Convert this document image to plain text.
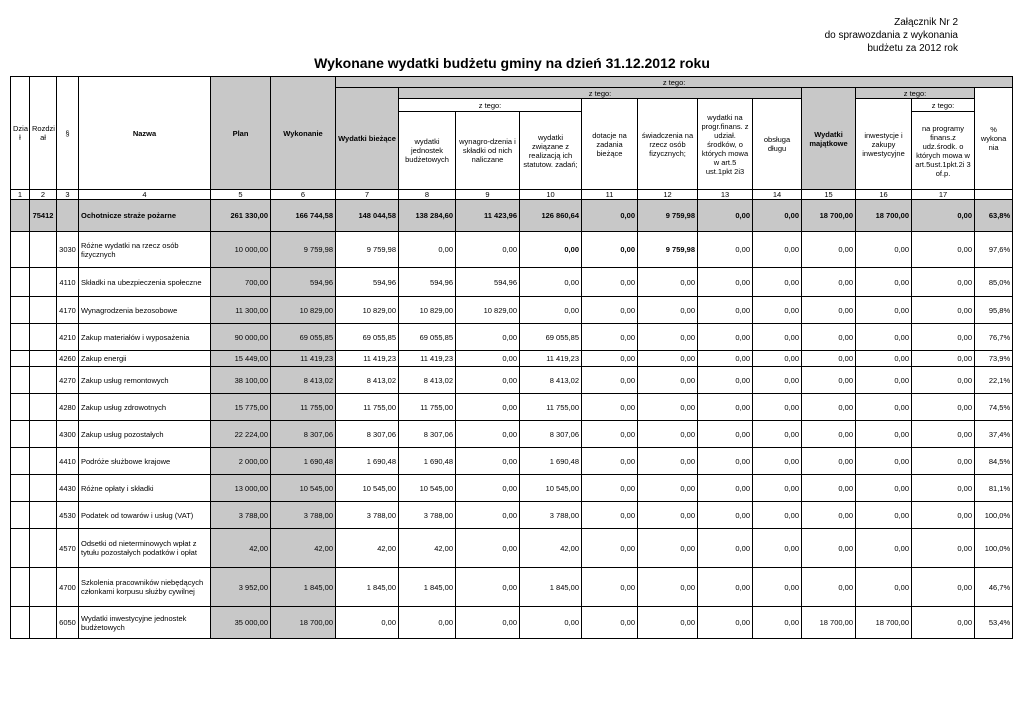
Załącznik Nr 2
do sprawozdania z wykonania
budżetu za 2012 rok
Wykonane wydatki budżetu gminy na dzień 31.12.2012 roku
Dzia ł	Rozdzi ał	§	Nazwa	Plan	Wykonanie	z tego:											
						Wydatki bieżące	z tego:							Wydatki majątkowe	z tego:		% wykona nia
							z tego:			dotacje na zadania bieżące	świadczenia na rzecz osób fizycznych;	wydatki na progr.finans. z udział. środków, o których mowa w art.5 ust.1pkt 2i3	obsługa długu		inwestycje i zakupy inwestycyjne	z tego:	
							wydatki jednostek budżetowych	wynagro-dzenia i składki od nich naliczane	wydatki związane z realizacją ich statutow. zadań;							na programy finans.z udz.środk. o których mowa w art.5ust.1pkt.2i 3 of.p.	
1	2	3	4	5	6	7	8	9	10	11	12	13	14	15	16	17	
	75412		Ochotnicze straże pożarne	261 330,00	166 744,58	148 044,58	138 284,60	11 423,96	126 860,64	0,00	9 759,98	0,00	0,00	18 700,00	18 700,00	0,00	63,8%
		3030	Różne wydatki na rzecz osób fizycznych	10 000,00	9 759,98	9 759,98	0,00	0,00	0,00	0,00	9 759,98	0,00	0,00	0,00	0,00	0,00	97,6%
		4110	Składki na ubezpieczenia społeczne	700,00	594,96	594,96	594,96	594,96	0,00	0,00	0,00	0,00	0,00	0,00	0,00	0,00	85,0%
		4170	Wynagrodzenia bezosobowe	11 300,00	10 829,00	10 829,00	10 829,00	10 829,00	0,00	0,00	0,00	0,00	0,00	0,00	0,00	0,00	95,8%
		4210	Zakup materiałów i wyposażenia	90 000,00	69 055,85	69 055,85	69 055,85	0,00	69 055,85	0,00	0,00	0,00	0,00	0,00	0,00	0,00	76,7%
		4260	Zakup energii	15 449,00	11 419,23	11 419,23	11 419,23	0,00	11 419,23	0,00	0,00	0,00	0,00	0,00	0,00	0,00	73,9%
		4270	Zakup usług remontowych	38 100,00	8 413,02	8 413,02	8 413,02	0,00	8 413,02	0,00	0,00	0,00	0,00	0,00	0,00	0,00	22,1%
		4280	Zakup usług zdrowotnych	15 775,00	11 755,00	11 755,00	11 755,00	0,00	11 755,00	0,00	0,00	0,00	0,00	0,00	0,00	0,00	74,5%
		4300	Zakup usług pozostałych	22 224,00	8 307,06	8 307,06	8 307,06	0,00	8 307,06	0,00	0,00	0,00	0,00	0,00	0,00	0,00	37,4%
		4410	Podróże służbowe krajowe	2 000,00	1 690,48	1 690,48	1 690,48	0,00	1 690,48	0,00	0,00	0,00	0,00	0,00	0,00	0,00	84,5%
		4430	Różne opłaty i składki	13 000,00	10 545,00	10 545,00	10 545,00	0,00	10 545,00	0,00	0,00	0,00	0,00	0,00	0,00	0,00	81,1%
		4530	Podatek od towarów i usług (VAT)	3 788,00	3 788,00	3 788,00	3 788,00	0,00	3 788,00	0,00	0,00	0,00	0,00	0,00	0,00	0,00	100,0%
		4570	Odsetki od nieterminowych wpłat z tytułu pozostałych podatków i opłat	42,00	42,00	42,00	42,00	0,00	42,00	0,00	0,00	0,00	0,00	0,00	0,00	0,00	100,0%
		4700	Szkolenia pracowników niebędących członkami korpusu służby cywilnej	3 952,00	1 845,00	1 845,00	1 845,00	0,00	1 845,00	0,00	0,00	0,00	0,00	0,00	0,00	0,00	46,7%
		6050	Wydatki inwestycyjne jednostek budżetowych	35 000,00	18 700,00	0,00	0,00	0,00	0,00	0,00	0,00	0,00	0,00	18 700,00	18 700,00	0,00	53,4%
